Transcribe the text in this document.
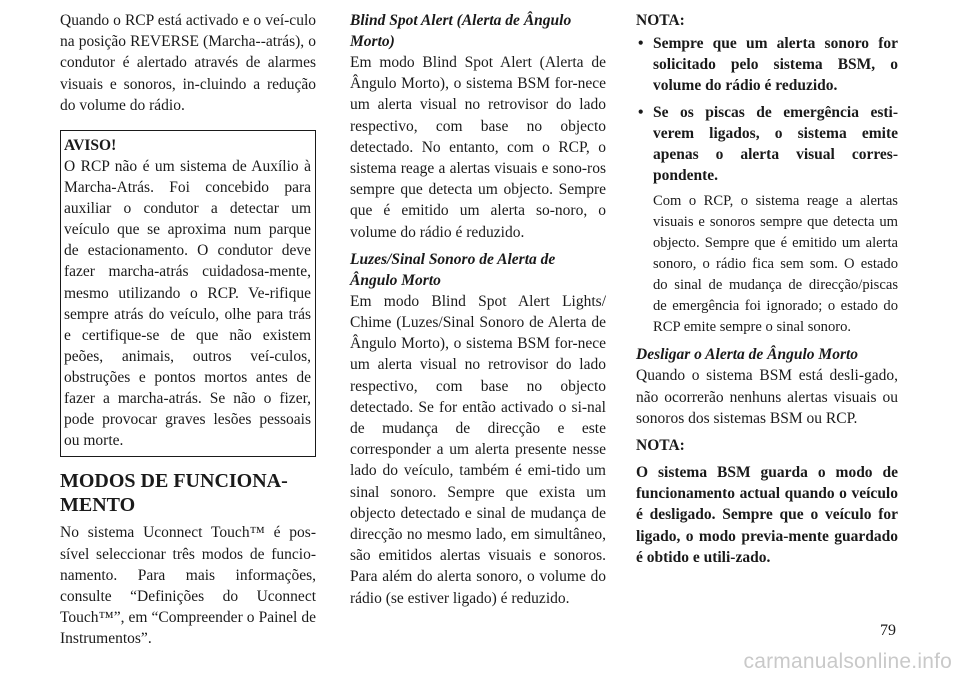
Quando o RCP está activado e o veí-culo na posição REVERSE (Marcha--atrás), o condutor é alertado através de alarmes visuais e sonoros, in-cluindo a redução do volume do rádio.

AVISO!

O RCP não é um sistema de Auxílio à Marcha-Atrás. Foi concebido para auxiliar o condutor a detectar um veículo que se aproxima num parque de estacionamento. O condutor deve fazer marcha-atrás cuidadosa-mente, mesmo utilizando o RCP. Ve-rifique sempre atrás do veículo, olhe para trás e certifique-se de que não existem peões, animais, outros veí-culos, obstruções e pontos mortos antes de fazer a marcha-atrás. Se não o fizer, pode provocar graves lesões pessoais ou morte.

MODOS DE FUNCIONA-MENTO

No sistema Uconnect Touch™ é pos-sível seleccionar três modos de funcio-namento. Para mais informações, consulte “Definições do Uconnect Touch™”, em “Compreender o Painel de Instrumentos”.

Blind Spot Alert (Alerta de Ângulo Morto)

Em modo Blind Spot Alert (Alerta de Ângulo Morto), o sistema BSM for-nece um alerta visual no retrovisor do lado respectivo, com base no objecto detectado. No entanto, com o RCP, o sistema reage a alertas visuais e sono-ros sempre que detecta um objecto. Sempre que é emitido um alerta so-noro, o volume do rádio é reduzido.

Luzes/Sinal Sonoro de Alerta de Ângulo Morto

Em modo Blind Spot Alert Lights/ Chime (Luzes/Sinal Sonoro de Alerta de Ângulo Morto), o sistema BSM for-nece um alerta visual no retrovisor do lado respectivo, com base no objecto detectado. Se for então activado o si-nal de mudança de direcção e este corresponder a um alerta presente nesse lado do veículo, também é emi-tido um sinal sonoro. Sempre que exista um objecto detectado e sinal de mudança de direcção no mesmo lado, em simultâneo, são emitidos alertas visuais e sonoros. Para além do alerta sonoro, o volume do rádio (se estiver ligado) é reduzido.

NOTA:

• Sempre que um alerta sonoro for solicitado pelo sistema BSM, o volume do rádio é reduzido.
• Se os piscas de emergência esti-verem ligados, o sistema emite apenas o alerta visual corres-pondente.

Com o RCP, o sistema reage a alertas visuais e sonoros sempre que detecta um objecto. Sempre que é emitido um alerta sonoro, o rádio fica sem som. O estado do sinal de mudança de direcção/piscas de emergência foi ignorado; o estado do RCP emite sempre o sinal sonoro.

Desligar o Alerta de Ângulo Morto

Quando o sistema BSM está desli-gado, não ocorrerão nenhuns alertas visuais ou sonoros dos sistemas BSM ou RCP.

NOTA:

O sistema BSM guarda o modo de funcionamento actual quando o veículo é desligado. Sempre que o veículo for ligado, o modo previa-mente guardado é obtido e utili-zado.

79
carmanualsonline.info
